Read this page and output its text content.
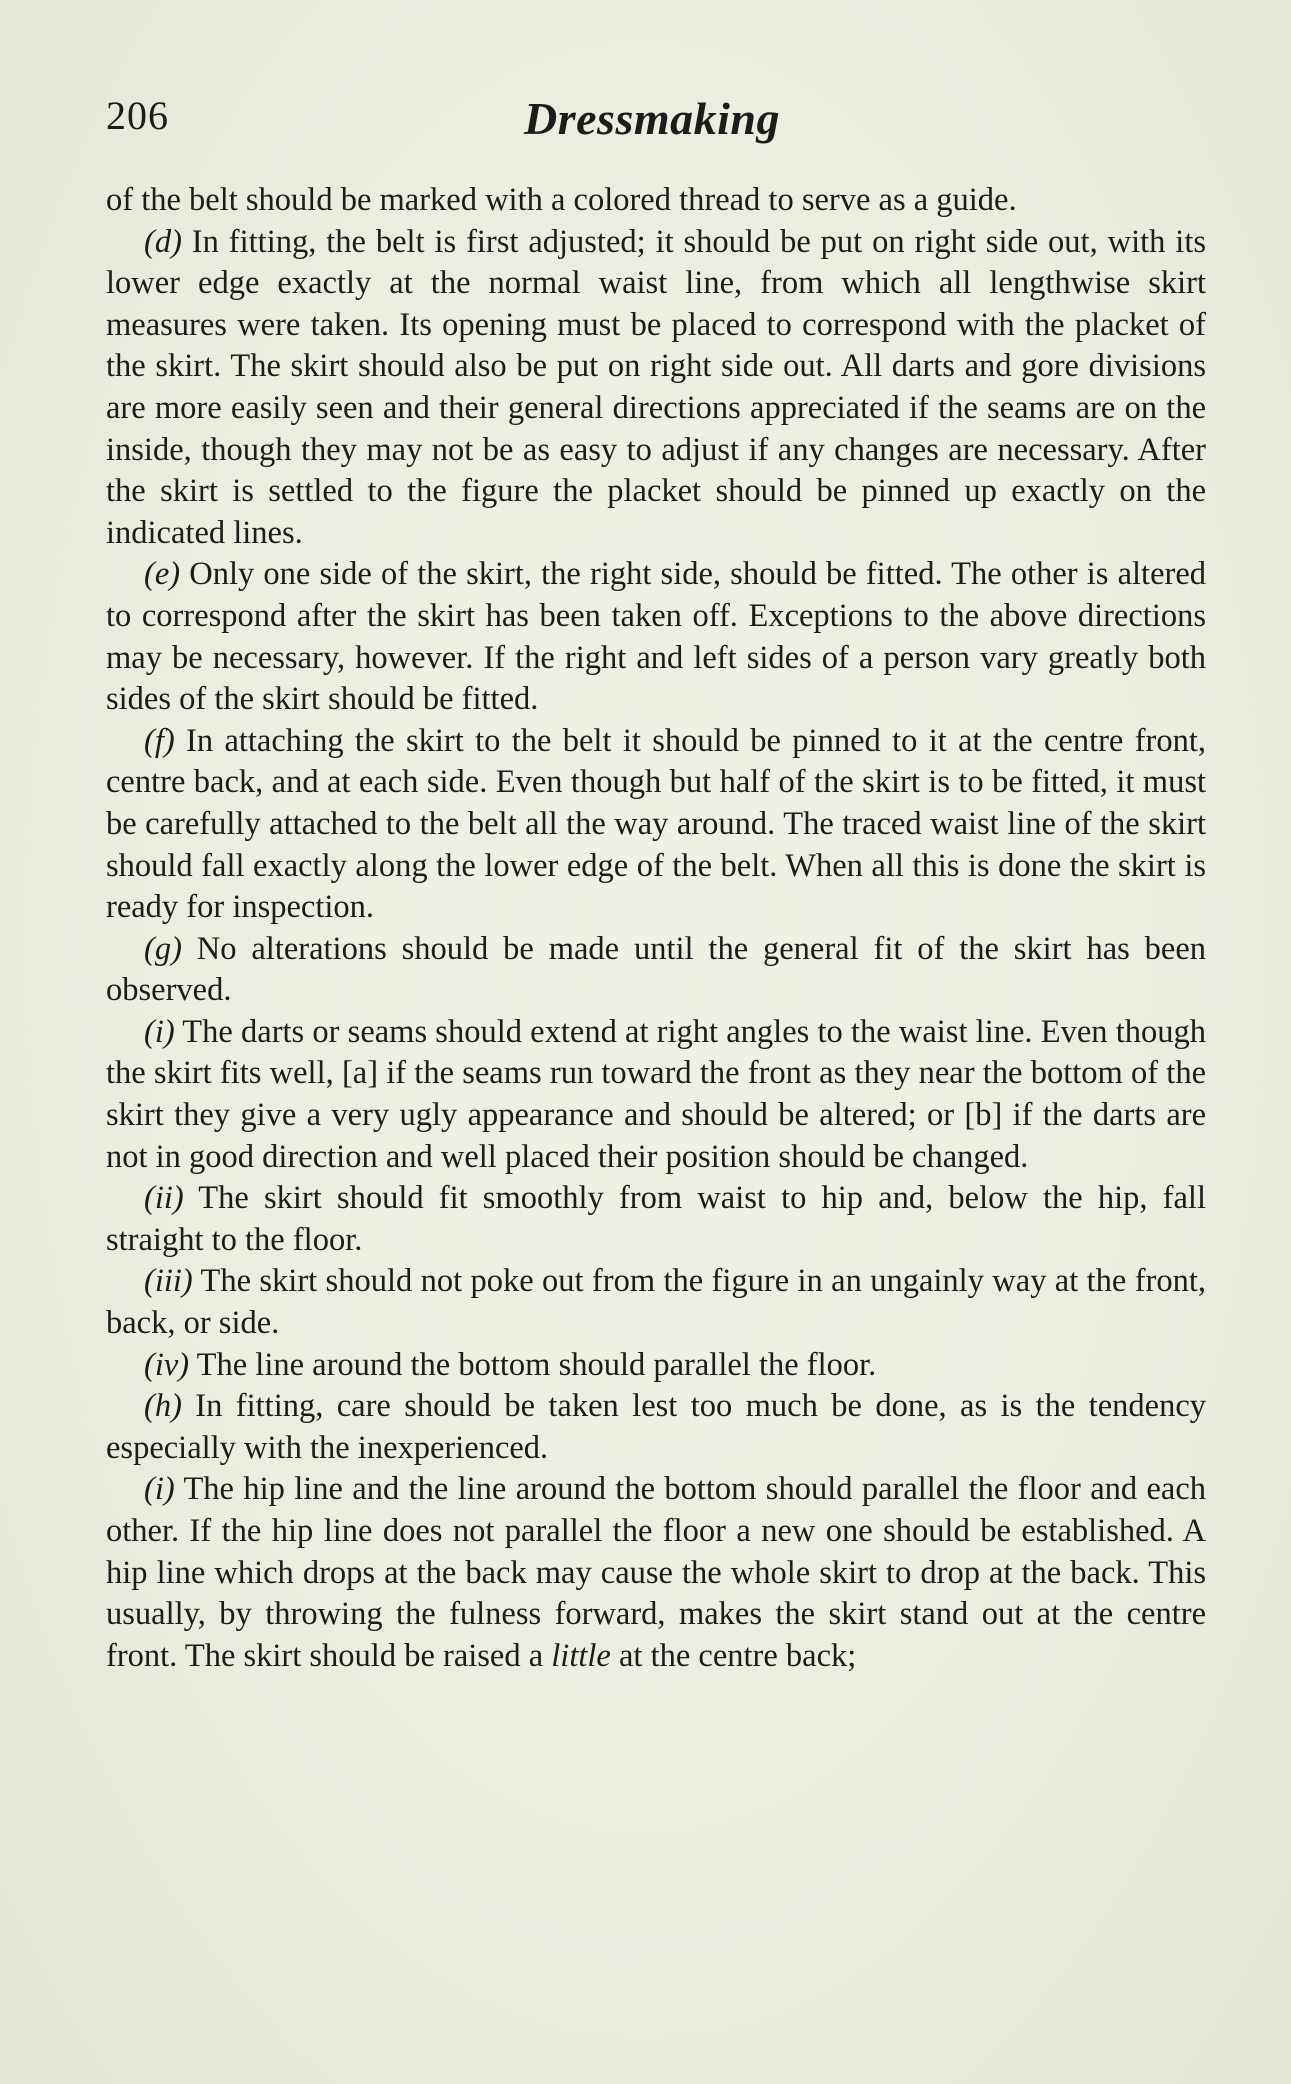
206	Dressmaking

of the belt should be marked with a colored thread to serve as a guide.

(d) In fitting, the belt is first adjusted; it should be put on right side out, with its lower edge exactly at the normal waist line, from which all lengthwise skirt measures were taken. Its opening must be placed to correspond with the placket of the skirt. The skirt should also be put on right side out. All darts and gore divisions are more easily seen and their general directions appreciated if the seams are on the inside, though they may not be as easy to adjust if any changes are necessary. After the skirt is settled to the figure the placket should be pinned up exactly on the indicated lines.

(e) Only one side of the skirt, the right side, should be fitted. The other is altered to correspond after the skirt has been taken off. Exceptions to the above directions may be necessary, however. If the right and left sides of a person vary greatly both sides of the skirt should be fitted.

(f) In attaching the skirt to the belt it should be pinned to it at the centre front, centre back, and at each side. Even though but half of the skirt is to be fitted, it must be carefully attached to the belt all the way around. The traced waist line of the skirt should fall exactly along the lower edge of the belt. When all this is done the skirt is ready for inspection.

(g) No alterations should be made until the general fit of the skirt has been observed.

(i) The darts or seams should extend at right angles to the waist line. Even though the skirt fits well, [a] if the seams run toward the front as they near the bottom of the skirt they give a very ugly appearance and should be altered; or [b] if the darts are not in good direction and well placed their position should be changed.

(ii) The skirt should fit smoothly from waist to hip and, below the hip, fall straight to the floor.

(iii) The skirt should not poke out from the figure in an ungainly way at the front, back, or side.

(iv) The line around the bottom should parallel the floor.

(h) In fitting, care should be taken lest too much be done, as is the tendency especially with the inexperienced.

(i) The hip line and the line around the bottom should parallel the floor and each other. If the hip line does not parallel the floor a new one should be established. A hip line which drops at the back may cause the whole skirt to drop at the back. This usually, by throwing the fulness forward, makes the skirt stand out at the centre front. The skirt should be raised a little at the centre back;
